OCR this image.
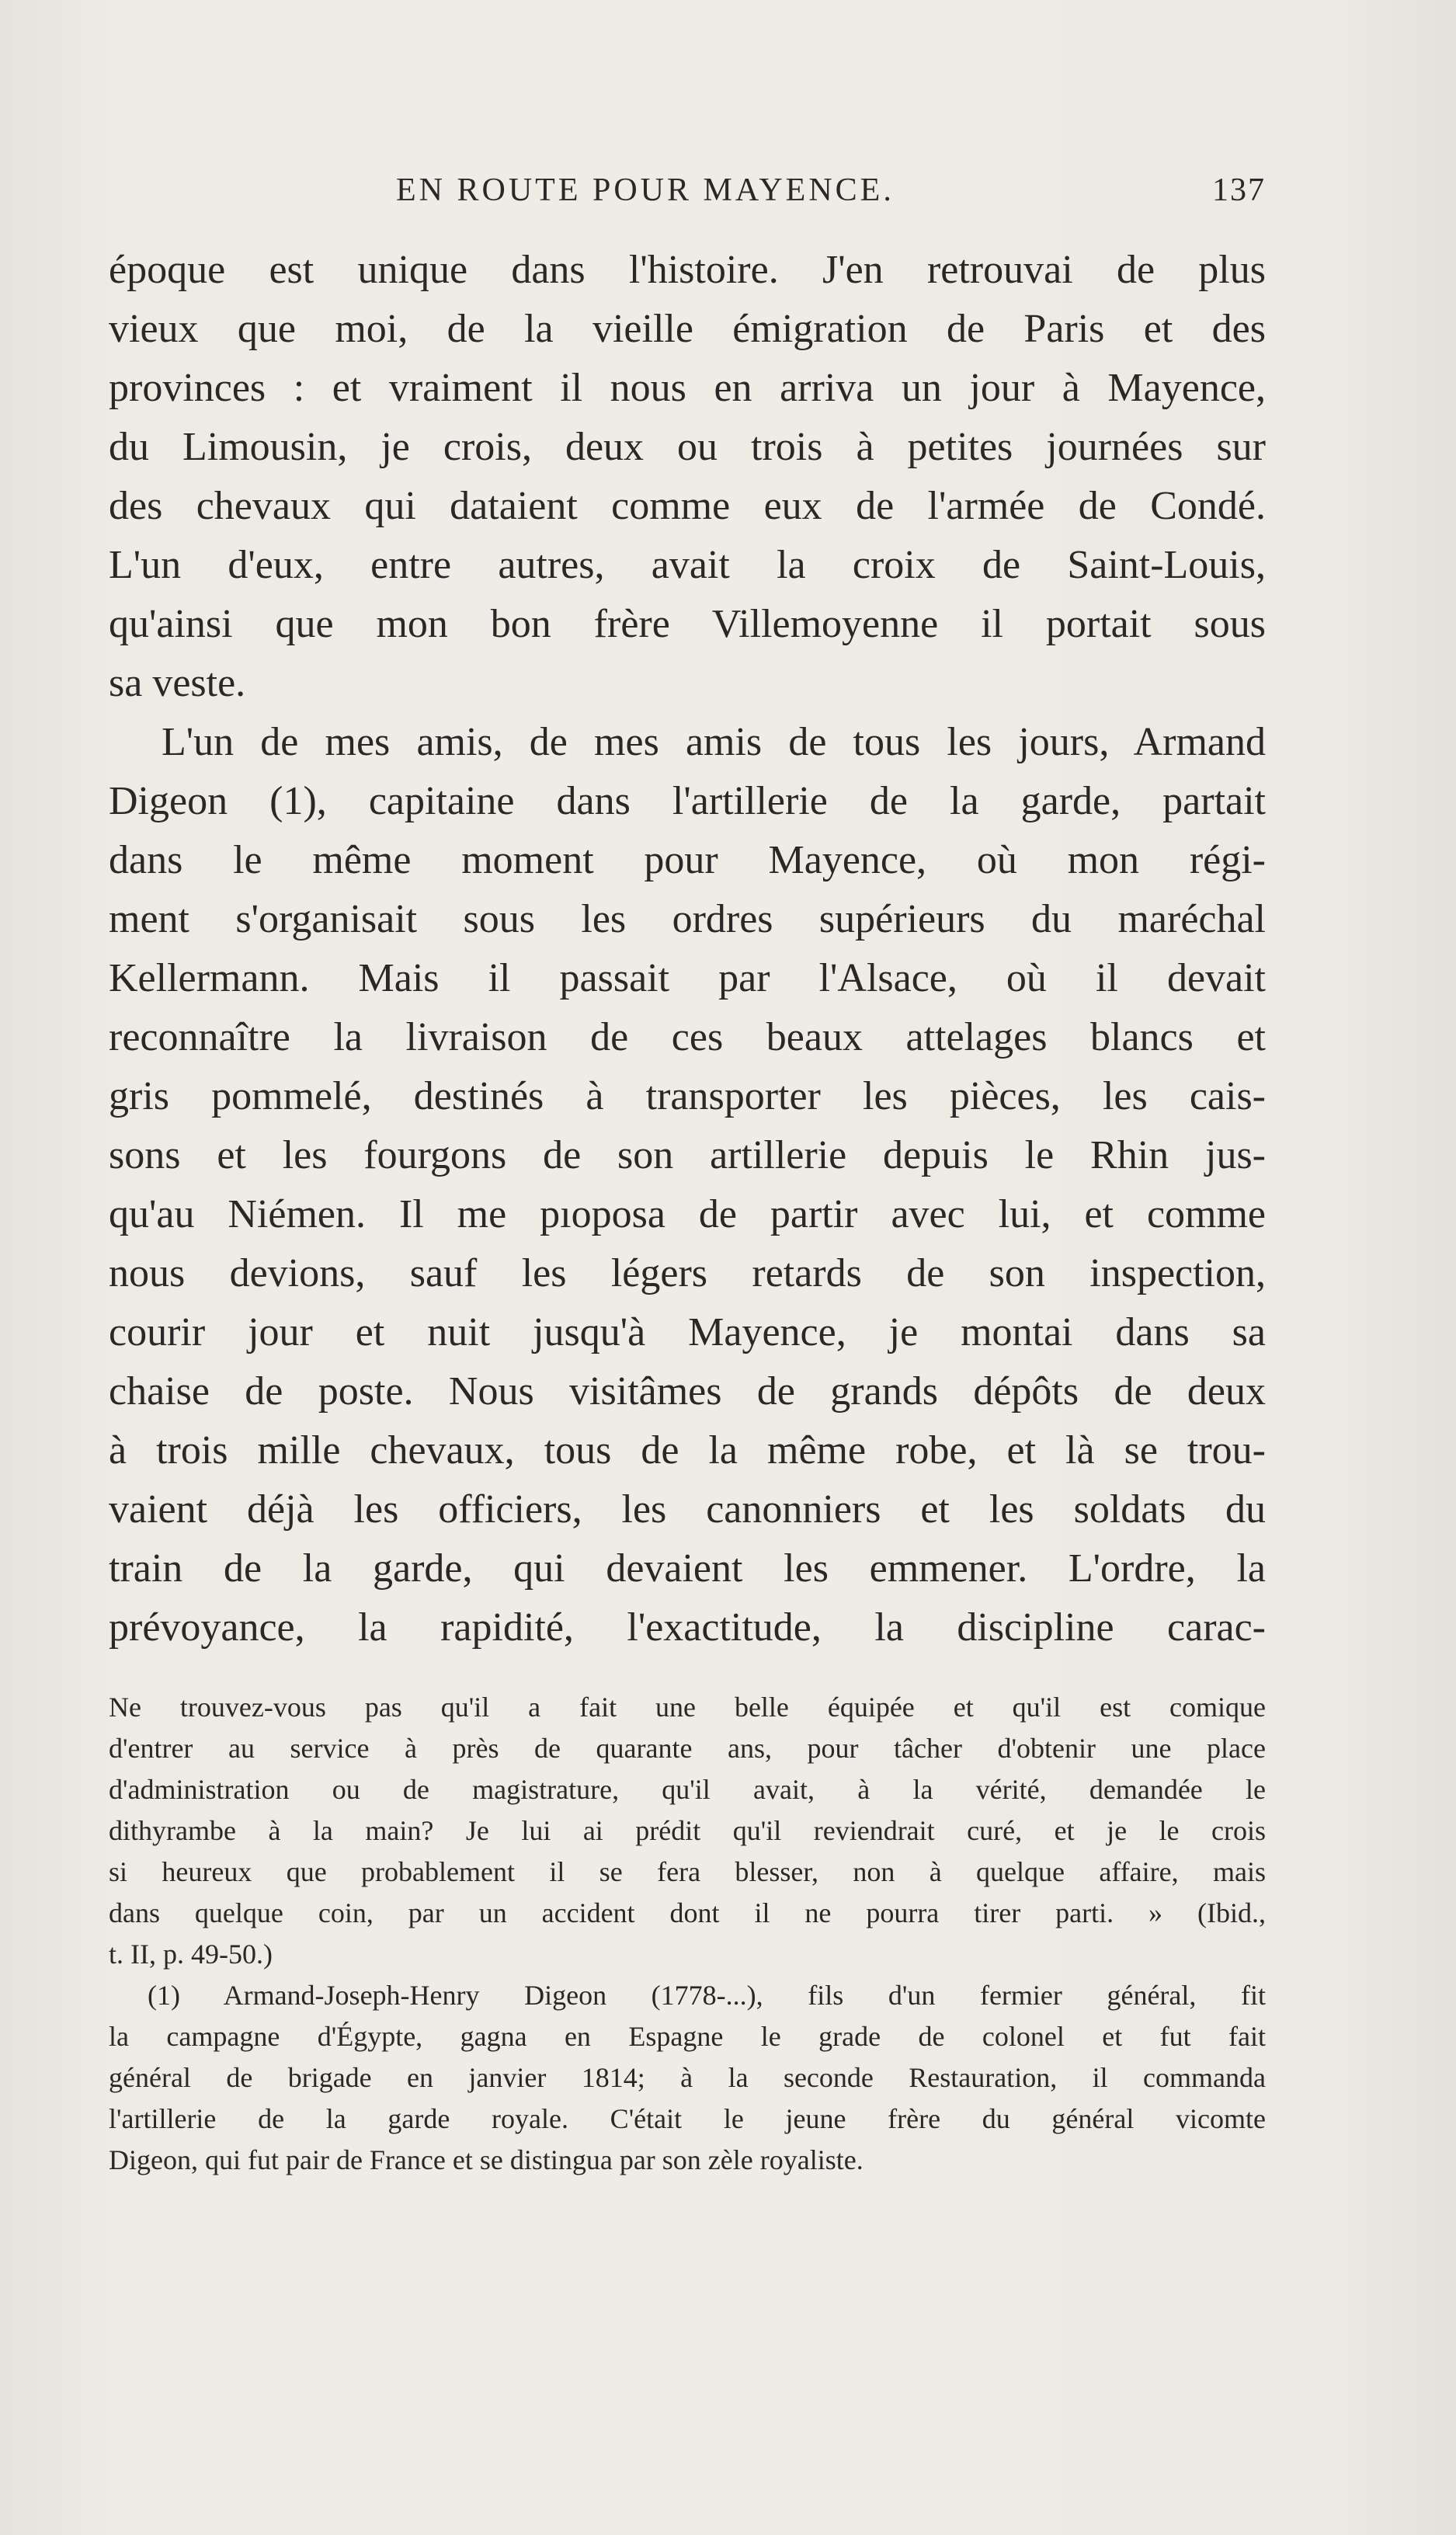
EN ROUTE POUR MAYENCE.	137
époque est unique dans l'histoire. J'en retrouvai de plus
vieux que moi, de la vieille émigration de Paris et des
provinces : et vraiment il nous en arriva un jour à Mayence,
du Limousin, je crois, deux ou trois à petites journées sur
des chevaux qui dataient comme eux de l'armée de Condé.
L'un d'eux, entre autres, avait la croix de Saint-Louis,
qu'ainsi que mon bon frère Villemoyenne il portait sous
sa veste.
L'un de mes amis, de mes amis de tous les jours, Armand
Digeon (1), capitaine dans l'artillerie de la garde, partait
dans le même moment pour Mayence, où mon régi-
ment s'organisait sous les ordres supérieurs du maréchal
Kellermann. Mais il passait par l'Alsace, où il devait
reconnaître la livraison de ces beaux attelages blancs et
gris pommelé, destinés à transporter les pièces, les cais-
sons et les fourgons de son artillerie depuis le Rhin jus-
qu'au Niémen. Il me pıoposa de partir avec lui, et comme
nous devions, sauf les légers retards de son inspection,
courir jour et nuit jusqu'à Mayence, je montai dans sa
chaise de poste. Nous visitâmes de grands dépôts de deux
à trois mille chevaux, tous de la même robe, et là se trou-
vaient déjà les officiers, les canonniers et les soldats du
train de la garde, qui devaient les emmener. L'ordre, la
prévoyance, la rapidité, l'exactitude, la discipline carac-
Ne trouvez-vous pas qu'il a fait une belle équipée et qu'il est comique
d'entrer au service à près de quarante ans, pour tâcher d'obtenir une place
d'administration ou de magistrature, qu'il avait, à la vérité, demandée le
dithyrambe à la main? Je lui ai prédit qu'il reviendrait curé, et je le crois
si heureux que probablement il se fera blesser, non à quelque affaire, mais
dans quelque coin, par un accident dont il ne pourra tirer parti. » (Ibid.,
t. II, p. 49-50.)
(1) Armand-Joseph-Henry Digeon (1778-...), fils d'un fermier général, fit
la campagne d'Égypte, gagna en Espagne le grade de colonel et fut fait
général de brigade en janvier 1814; à la seconde Restauration, il commanda
l'artillerie de la garde royale. C'était le jeune frère du général vicomte
Digeon, qui fut pair de France et se distingua par son zèle royaliste.
